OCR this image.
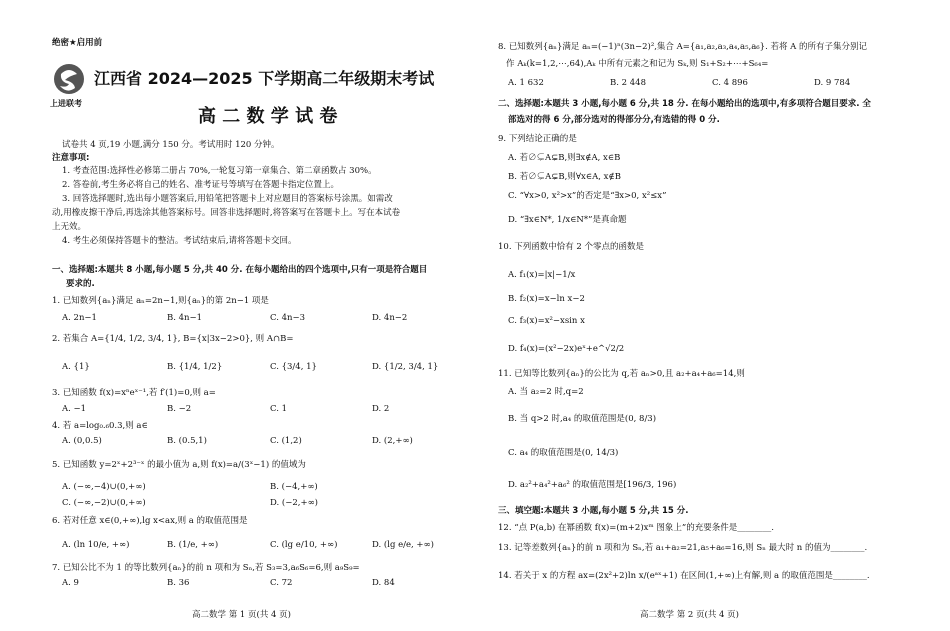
绝密★启用前
上进联考
江西省 2024—2025 下学期高二年级期末考试
高 二 数 学 试 卷
试卷共 4 页,19 小题,满分 150 分。考试用时 120 分钟。
注意事项:
1. 考查范围:选择性必修第二册占 70%,一轮复习第一章集合、第二章函数占 30%。
2. 答卷前,考生务必将自己的姓名、准考证号等填写在答题卡指定位置上。
3. 回答选择题时,选出每小题答案后,用铅笔把答题卡上对应题目的答案标号涂黑。如需改
动,用橡皮擦干净后,再选涂其他答案标号。回答非选择题时,将答案写在答题卡上。写在本试卷
上无效。
4. 考生必须保持答题卡的整洁。考试结束后,请将答题卡交回。
一、选择题:本题共 8 小题,每小题 5 分,共 40 分. 在每小题给出的四个选项中,只有一项是符合题目
要求的.
1. 已知数列{aₙ}满足 aₙ=2n−1,则{aₙ}的第 2n−1 项是
A. 2n−1	B. 4n−1	C. 4n−3	D. 4n−2
2. 若集合 A={1/4, 1/2, 3/4, 1}, B={x|3x−2>0}, 则 A∩B=
A. {1}	B. {1/4, 1/2}	C. {3/4, 1}	D. {1/2, 3/4, 1}
3. 已知函数 f(x)=xⁿeˣ⁻¹,若 f′(1)=0,则 a=
A. −1	B. −2	C. 1	D. 2
4. 若 a=log₀.₆0.3,则 a∈
A. (0,0.5)	B. (0.5,1)	C. (1,2)	D. (2,+∞)
5. 已知函数 y=2ˣ+2³⁻ˣ 的最小值为 a,则 f(x)=a/(3ˣ−1) 的值域为
A. (−∞,−4)∪(0,+∞)	B. (−4,+∞)
C. (−∞,−2)∪(0,+∞)	D. (−2,+∞)
6. 若对任意 x∈(0,+∞),lg x<ax,则 a 的取值范围是
A. (ln 10/e, +∞)	B. (1/e, +∞)	C. (lg e/10, +∞)	D. (lg e/e, +∞)
7. 已知公比不为 1 的等比数列{aₙ}的前 n 项和为 Sₙ,若 S₃=3,a₆S₆=6,则 a₉S₉=
A. 9	B. 36	C. 72	D. 84
高二数学 第 1 页(共 4 页)
8. 已知数列{aₙ}满足 aₙ=(−1)ⁿ(3n−2)²,集合 A={a₁,a₂,a₃,a₄,a₅,a₆}. 若将 A 的所有子集分别记
作 Aₖ(k=1,2,⋯,64),Aₖ 中所有元素之和记为 Sₖ,则 S₁+S₂+⋯+S₆₄=
A. 1 632	B. 2 448	C. 4 896	D. 9 784
二、选择题:本题共 3 小题,每小题 6 分,共 18 分. 在每小题给出的选项中,有多项符合题目要求. 全
部选对的得 6 分,部分选对的得部分分,有选错的得 0 分.
9. 下列结论正确的是
A. 若∅⊊A⊊B,则∃x∉A, x∈B
B. 若∅⊊A⊊B,则∀x∈A, x∉B
C. “∀x>0, x²>x”的否定是“∃x>0, x²≤x”
D. “∃x∈N*, 1/x∈N*”是真命题
10. 下列函数中恰有 2 个零点的函数是
A. f₁(x)=|x|−1/x
B. f₂(x)=x−ln x−2
C. f₃(x)=x²−xsin x
D. f₄(x)=(x²−2x)eˣ+e^√2/2
11. 已知等比数列{aₙ}的公比为 q,若 aₙ>0,且 a₂+a₄+a₆=14,则
A. 当 a₂=2 时,q=2
B. 当 q>2 时,a₄ 的取值范围是(0, 8/3)
C. a₄ 的取值范围是(0, 14/3)
D. a₂²+a₄²+a₆² 的取值范围是[196/3, 196)
三、填空题:本题共 3 小题,每小题 5 分,共 15 分.
12. “点 P(a,b) 在幂函数 f(x)=(m+2)xᵐ 图象上”的充要条件是________.
13. 记等差数列{aₙ}的前 n 项和为 Sₙ,若 a₁+a₂=21,a₅+a₆=16,则 Sₙ 最大时 n 的值为________.
14. 若关于 x 的方程 ax=(2x²+2)ln x/(eᵃˣ+1) 在区间(1,+∞)上有解,则 a 的取值范围是________.
高二数学 第 2 页(共 4 页)
